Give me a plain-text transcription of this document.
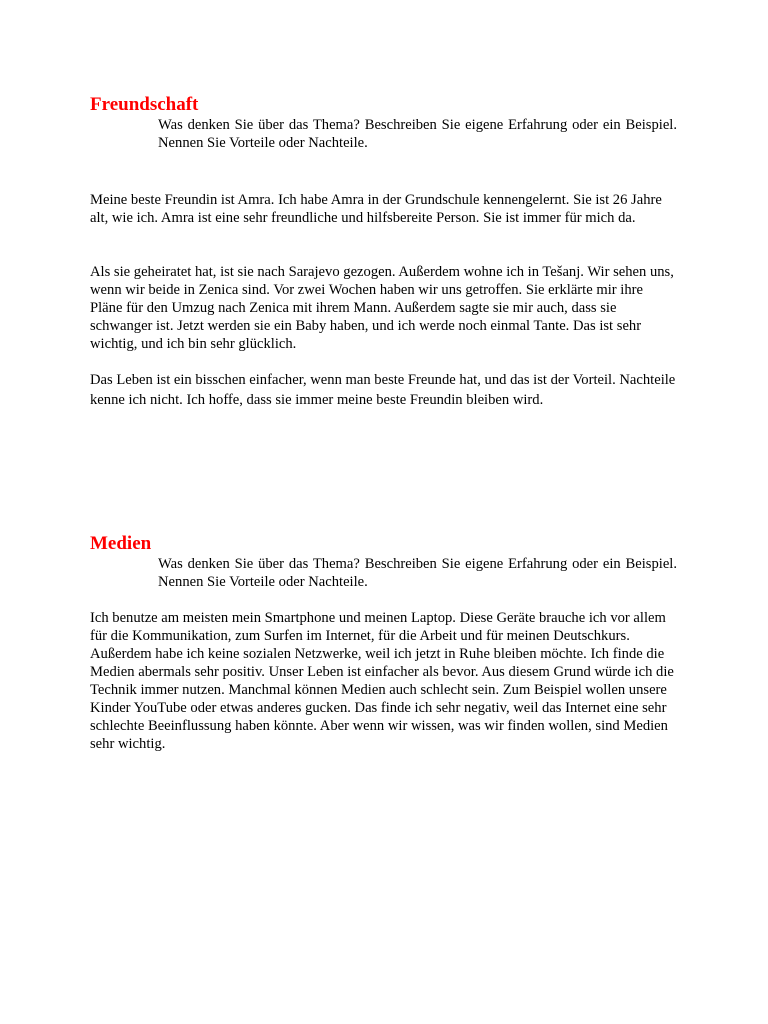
Freundschaft

Was denken Sie über das Thema? Beschreiben Sie eigene Erfahrung oder ein Beispiel. Nennen Sie Vorteile oder Nachteile.

Meine beste Freundin ist Amra. Ich habe Amra in der Grundschule kennengelernt. Sie ist 26 Jahre alt, wie ich. Amra ist eine sehr freundliche und hilfsbereite Person. Sie ist immer für mich da.

Als sie geheiratet hat, ist sie nach Sarajevo gezogen. Außerdem wohne ich in Tešanj. Wir sehen uns, wenn wir beide in Zenica sind. Vor zwei Wochen haben wir uns getroffen. Sie erklärte mir ihre Pläne für den Umzug nach Zenica mit ihrem Mann. Außerdem sagte sie mir auch, dass sie schwanger ist. Jetzt werden sie ein Baby haben, und ich werde noch einmal Tante. Das ist sehr wichtig, und ich bin sehr glücklich.

Das Leben ist ein bisschen einfacher, wenn man beste Freunde hat, und das ist der Vorteil. Nachteile kenne ich nicht. Ich hoffe, dass sie immer meine beste Freundin bleiben wird.

Medien

Was denken Sie über das Thema? Beschreiben Sie eigene Erfahrung oder ein Beispiel. Nennen Sie Vorteile oder Nachteile.

Ich benutze am meisten mein Smartphone und meinen Laptop. Diese Geräte brauche ich vor allem für die Kommunikation, zum Surfen im Internet, für die Arbeit und für meinen Deutschkurs. Außerdem habe ich keine sozialen Netzwerke, weil ich jetzt in Ruhe bleiben möchte. Ich finde die Medien abermals sehr positiv. Unser Leben ist einfacher als bevor. Aus diesem Grund würde ich die Technik immer nutzen. Manchmal können Medien auch schlecht sein. Zum Beispiel wollen unsere Kinder YouTube oder etwas anderes gucken. Das finde ich sehr negativ, weil das Internet eine sehr schlechte Beeinflussung haben könnte. Aber wenn wir wissen, was wir finden wollen, sind Medien sehr wichtig.
